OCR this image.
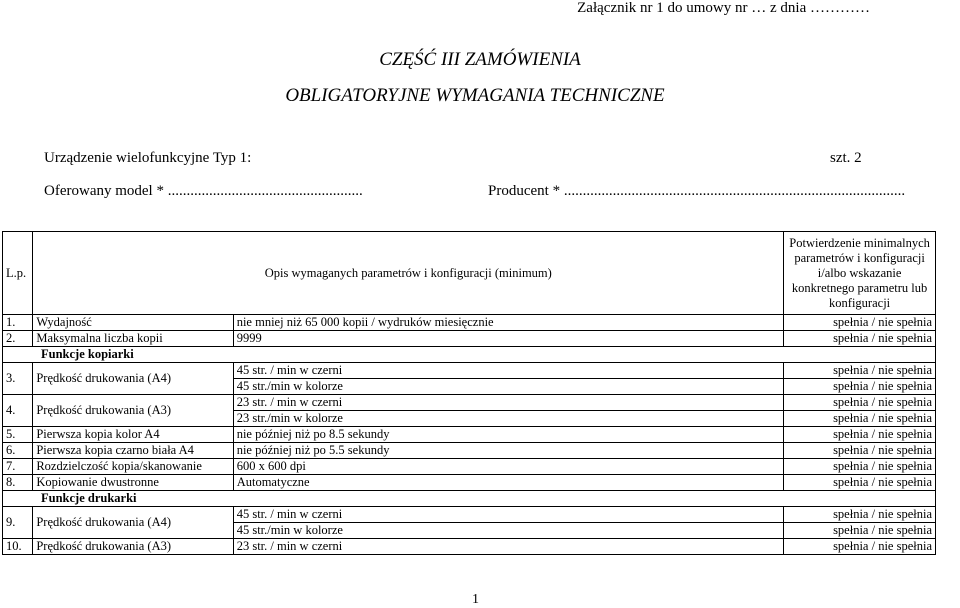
Załącznik nr 1 do umowy nr … z dnia …………
CZĘŚĆ III ZAMÓWIENIA
OBLIGATORYJNE WYMAGANIA TECHNICZNE
Urządzenie wielofunkcyjne Typ 1:	szt. 2
Oferowany model * ....................................................	Producent * ...........................................................................................
L.p.	Opis wymaganych parametrów i konfiguracji (minimum)		Potwierdzenie minimalnych parametrów i konfiguracji i/albo wskazanie konkretnego parametru lub konfiguracji
1.	Wydajność	nie mniej niż 65 000 kopii / wydruków miesięcznie	spełnia / nie spełnia
2.	Maksymalna liczba kopii	9999	spełnia / nie spełnia
Funkcje kopiarki			
3.	Prędkość drukowania (A4)	45 str. / min w czerni	spełnia / nie spełnia
		45 str./min w kolorze	spełnia / nie spełnia
4.	Prędkość drukowania (A3)	23 str. / min w czerni	spełnia / nie spełnia
		23 str./min w kolorze	spełnia / nie spełnia
5.	Pierwsza kopia kolor A4	nie później niż po 8.5 sekundy	spełnia / nie spełnia
6.	Pierwsza kopia czarno biała A4	nie później niż po 5.5 sekundy	spełnia / nie spełnia
7.	Rozdzielczość kopia/skanowanie	600 x 600 dpi	spełnia / nie spełnia
8.	Kopiowanie dwustronne	Automatyczne	spełnia / nie spełnia
Funkcje drukarki			
9.	Prędkość drukowania (A4)	45 str. / min w czerni	spełnia / nie spełnia
		45 str./min w kolorze	spełnia / nie spełnia
10.	Prędkość drukowania (A3)	23 str. / min w czerni	spełnia / nie spełnia
1
